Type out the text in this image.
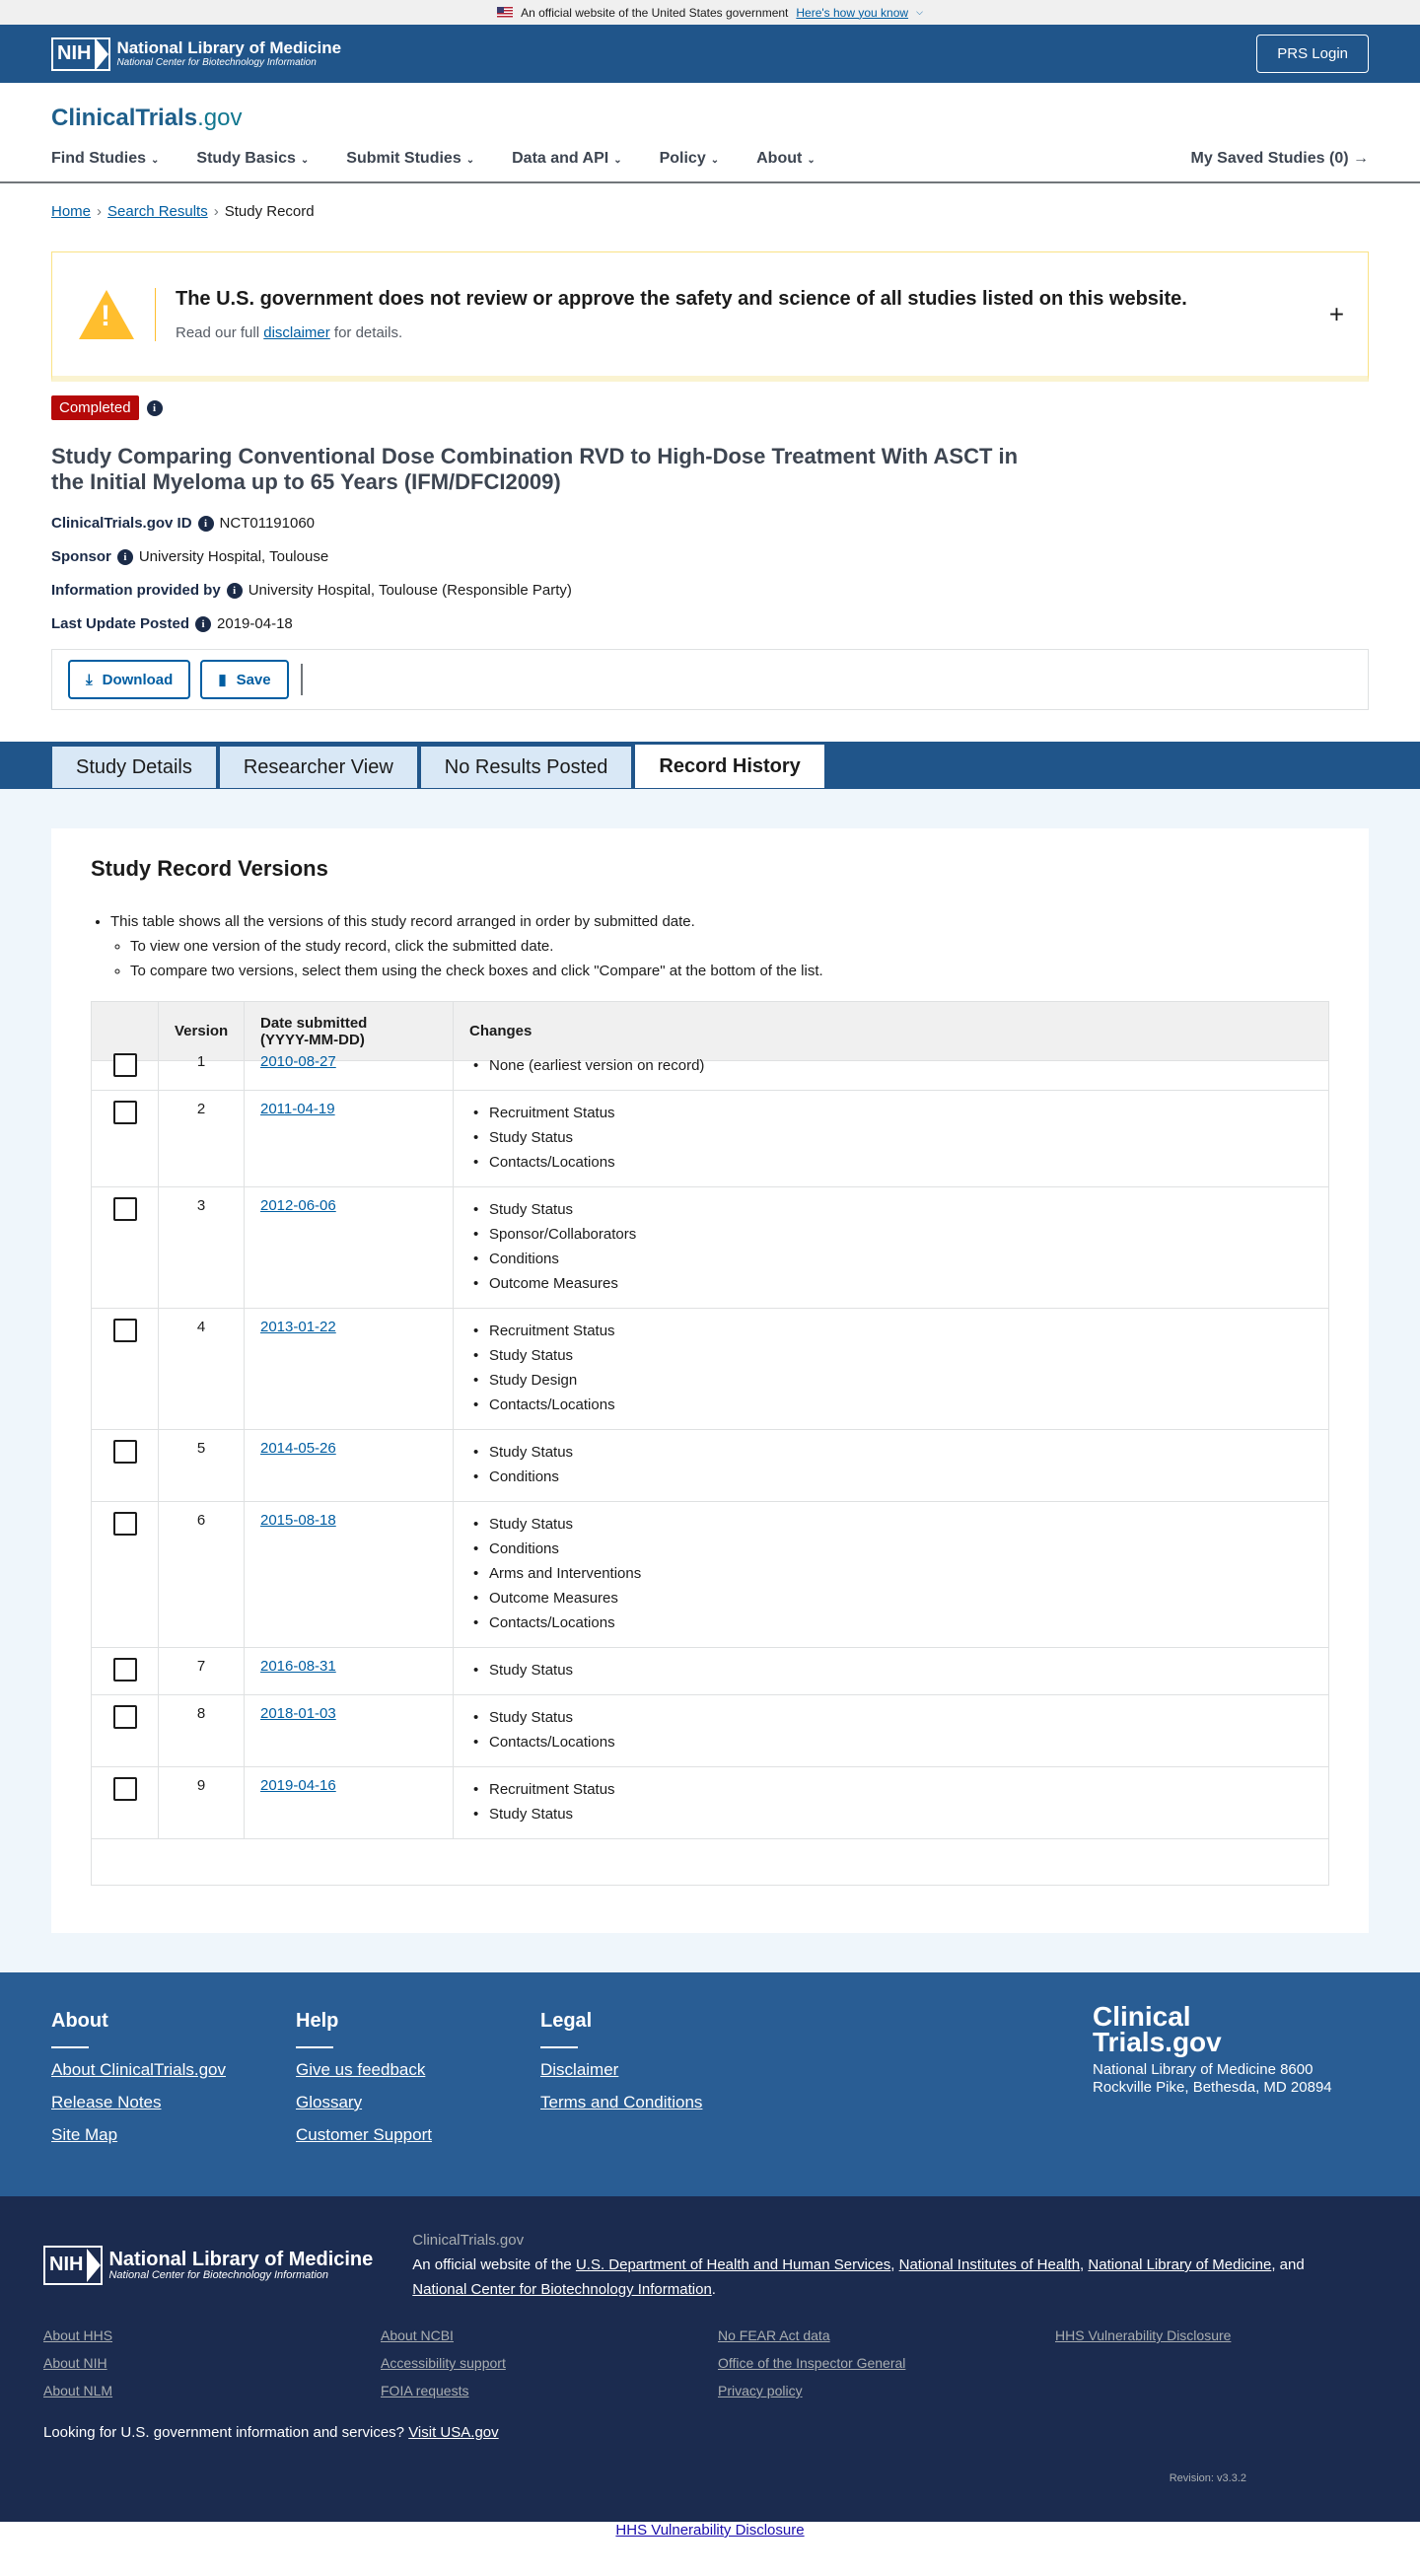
An official website of the United States government Here's how you know ⌵
NIH National Library of Medicine
National Center for Biotechnology Information
PRS Login
ClinicalTrials.gov
Find Studies ⌄ Study Basics ⌄ Submit Studies ⌄ Data and API ⌄ Policy ⌄ About ⌄	My Saved Studies (0) →
Home › Search Results › Study Record
!
The U.S. government does not review or approve the safety and science of all studies listed on this website.
Read our full disclaimer for details.
+
Completed	i
Study Comparing Conventional Dose Combination RVD to High-Dose Treatment With ASCT in the Initial Myeloma up to 65 Years (IFM/DFCI2009)
ClinicalTrials.gov ID	i NCT01191060
Sponsor	i University Hospital, Toulouse
Information provided by	i University Hospital, Toulouse (Responsible Party)
Last Update Posted	i 2019-04-18
⤓ Download	▮ Save
Study Details	Researcher View	No Results Posted	Record History
Study Record Versions
• This table shows all the versions of this study record arranged in order by submitted date.
◦ To view one version of the study record, click the submitted date.
◦ To compare two versions, select them using the check boxes and click "Compare" at the bottom of the list.
Version	Date submitted
(YYYY-MM-DD)	Changes
1	2010-08-27	• None (earliest version on record)
2	2011-04-19	• Recruitment Status
• Study Status
• Contacts/Locations
3	2012-06-06	• Study Status
• Sponsor/Collaborators
• Conditions
• Outcome Measures
4	2013-01-22	• Recruitment Status
• Study Status
• Study Design
• Contacts/Locations
5	2014-05-26	• Study Status
• Conditions
6	2015-08-18	• Study Status
• Conditions
• Arms and Interventions
• Outcome Measures
• Contacts/Locations
7	2016-08-31	• Study Status
8	2018-01-03	• Study Status
• Contacts/Locations
9	2019-04-16	• Recruitment Status
• Study Status
About
About ClinicalTrials.gov
Release Notes
Site Map
Help
Give us feedback
Glossary
Customer Support
Legal
Disclaimer
Terms and Conditions
Clinical
Trials.gov
National Library of Medicine 8600 Rockville Pike, Bethesda, MD 20894
NIH National Library of Medicine
National Center for Biotechnology Information
ClinicalTrials.gov
An official website of the U.S. Department of Health and Human Services, National Institutes of Health, National Library of Medicine, and National Center for Biotechnology Information.
About HHS	About NCBI	No FEAR Act data	HHS Vulnerability Disclosure
About NIH	Accessibility support	Office of the Inspector General
About NLM	FOIA requests	Privacy policy
Looking for U.S. government information and services? Visit USA.gov
Revision: v3.3.2
HHS Vulnerability Disclosure
